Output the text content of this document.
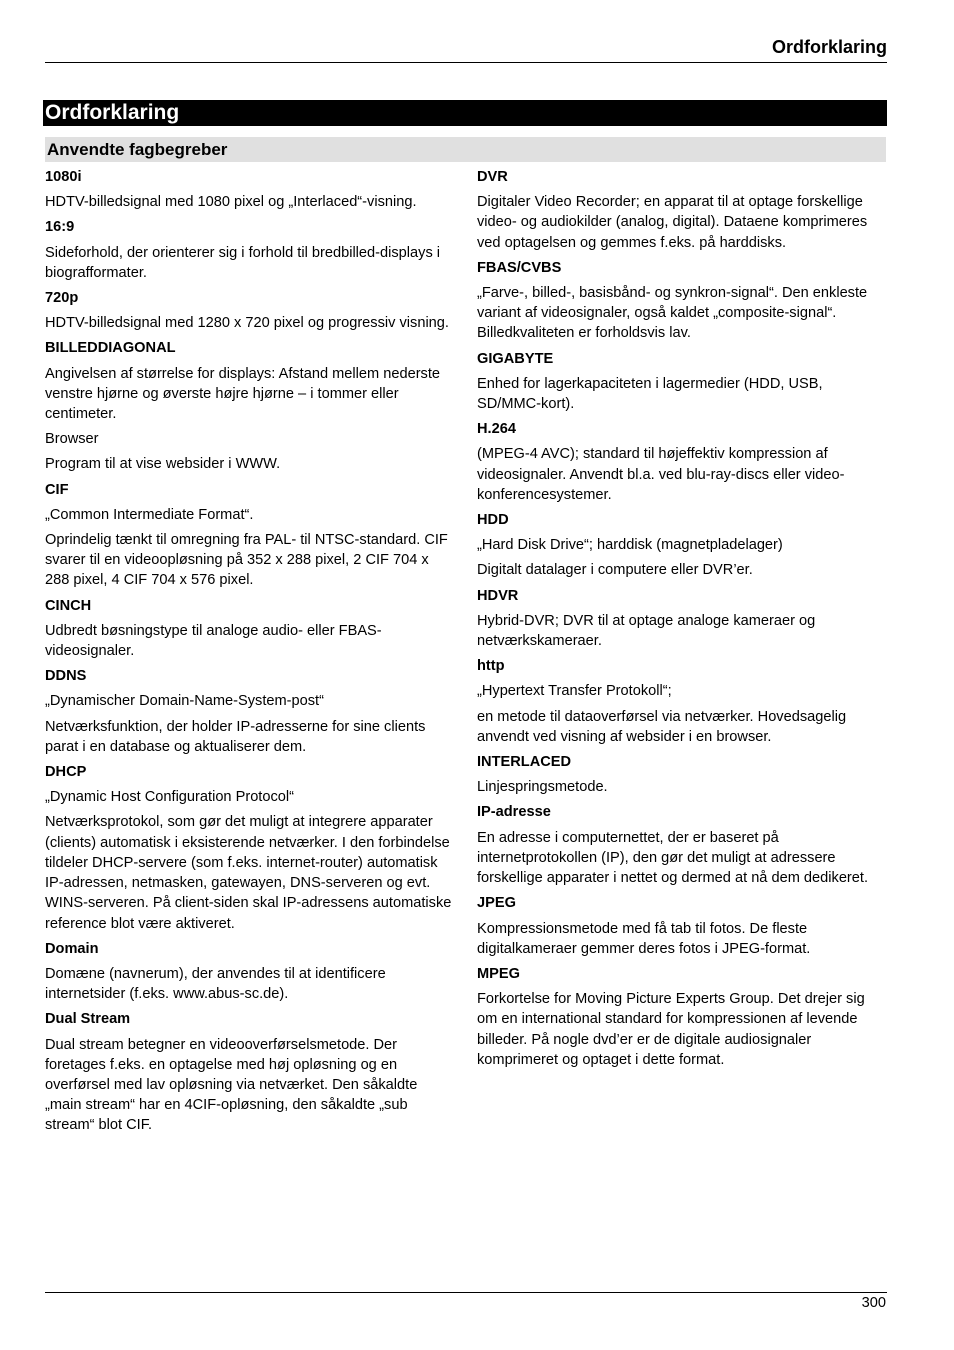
Ordforklaring
Ordforklaring
Anvendte fagbegreber
1080i
HDTV-billedsignal med 1080 pixel og „Interlaced“-visning.
16:9
Sideforhold, der orienterer sig i forhold til bredbilled-displays i biografformater.
720p
HDTV-billedsignal med 1280 x 720 pixel og progressiv visning.
BILLEDDIAGONAL
Angivelsen af størrelse for displays: Afstand mellem nederste venstre hjørne og øverste højre hjørne – i tommer eller centimeter.
Browser
Program til at vise websider i WWW.
CIF
„Common Intermediate Format“.
Oprindelig tænkt til omregning fra PAL- til NTSC-standard. CIF svarer til en videoopløsning på 352 x 288 pixel, 2 CIF 704 x 288 pixel, 4 CIF 704 x 576 pixel.
CINCH
Udbredt bøsningstype til analoge audio- eller FBAS-videosignaler.
DDNS
„Dynamischer Domain-Name-System-post“
Netværksfunktion, der holder IP-adresserne for sine clients parat i en database og aktualiserer dem.
DHCP
„Dynamic Host Configuration Protocol“
Netværksprotokol, som gør det muligt at integrere apparater (clients) automatisk i eksisterende netværker. I den forbindelse tildeler DHCP-servere (som f.eks. internet-router) automatisk IP-adressen, netmasken, gatewayen, DNS-serveren og evt. WINS-serveren. På client-siden skal IP-adressens automatiske reference blot være aktiveret.
Domain
Domæne (navnerum), der anvendes til at identificere internetsider (f.eks. www.abus-sc.de).
Dual Stream
Dual stream betegner en videooverførselsmetode. Der foretages f.eks. en optagelse med høj opløsning og en overførsel med lav opløsning via netværket. Den såkaldte „main stream“ har en 4CIF-opløsning, den såkaldte „sub stream“ blot CIF.
DVR
Digitaler Video Recorder; en apparat til at optage forskellige video- og audiokilder (analog, digital). Dataene komprimeres ved optagelsen og gemmes f.eks. på harddisks.
FBAS/CVBS
„Farve-, billed-, basisbånd- og synkron-signal“. Den enkleste variant af videosignaler, også kaldet „composite-signal“. Billedkvaliteten er forholdsvis lav.
GIGABYTE
Enhed for lagerkapaciteten i lagermedier (HDD, USB, SD/MMC-kort).
H.264
(MPEG-4 AVC); standard til højeffektiv kompression af videosignaler. Anvendt bl.a. ved blu-ray-discs eller video-konferencesystemer.
HDD
„Hard Disk Drive“; harddisk (magnetpladelager)
Digitalt datalager i computere eller DVR’er.
HDVR
Hybrid-DVR; DVR til at optage analoge kameraer og netværkskameraer.
http
„Hypertext Transfer Protokoll“;
en metode til dataoverførsel via netværker. Hovedsagelig anvendt ved visning af websider i en browser.
INTERLACED
Linjespringsmetode.
IP-adresse
En adresse i computernettet, der er baseret på internetprotokollen (IP), den gør det muligt at adressere forskellige apparater i nettet og dermed at nå dem dedikeret.
JPEG
Kompressionsmetode med få tab til fotos. De fleste digitalkameraer gemmer deres fotos i JPEG-format.
MPEG
Forkortelse for Moving Picture Experts Group. Det drejer sig om en international standard for kompressionen af levende billeder. På nogle dvd’er er de digitale audiosignaler komprimeret og optaget i dette format.
300
